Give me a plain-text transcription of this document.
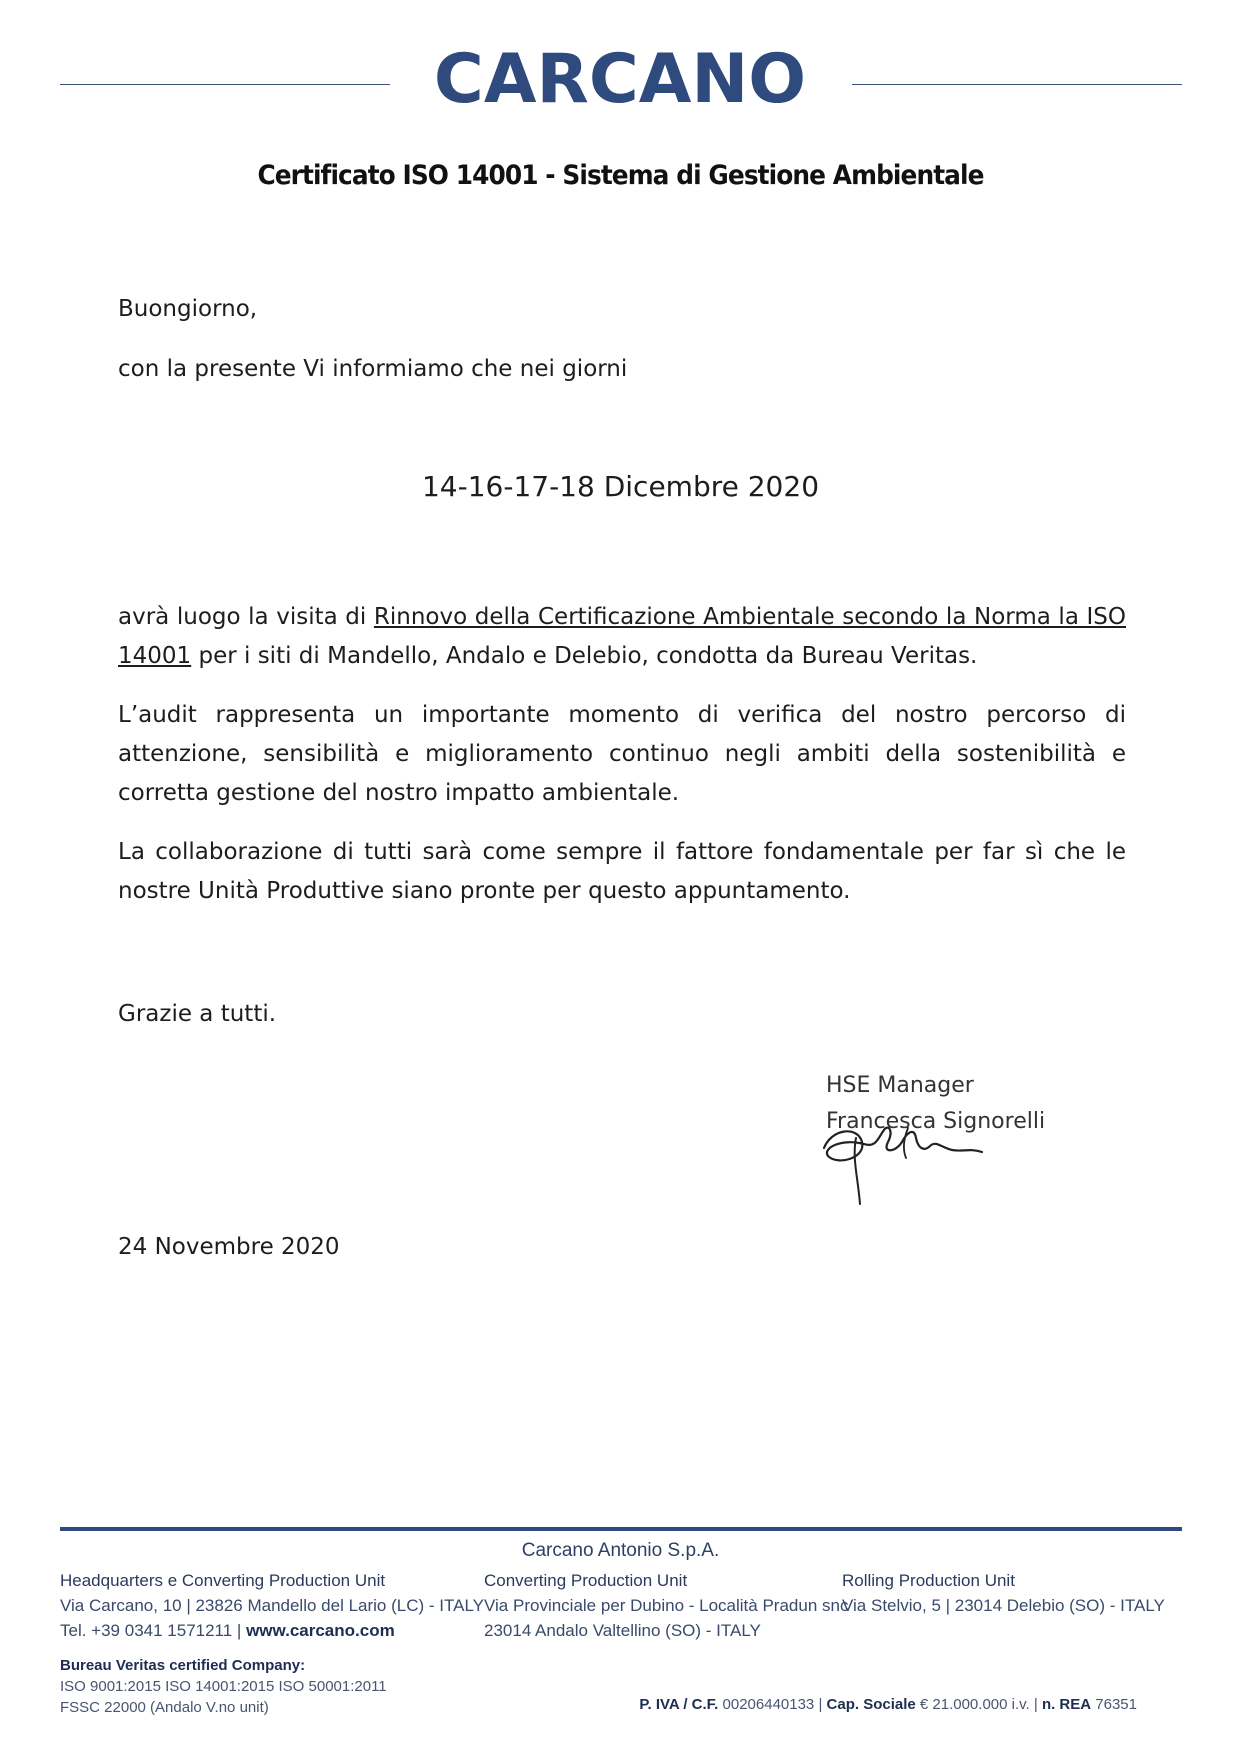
CARCANO
Certificato ISO 14001 - Sistema di Gestione Ambientale
Buongiorno,
con la presente Vi informiamo che nei giorni
14-16-17-18 Dicembre 2020

avrà luogo la visita di Rinnovo della Certificazione Ambientale secondo la Norma la ISO 14001 per i siti di Mandello, Andalo e Delebio, condotta da Bureau Veritas.

L’audit rappresenta un importante momento di verifica del nostro percorso di attenzione, sensibilità e miglioramento continuo negli ambiti della sostenibilità e corretta gestione del nostro impatto ambientale.

La collaborazione di tutti sarà come sempre il fattore fondamentale per far sì che le nostre Unità Produttive siano pronte per questo appuntamento.

Grazie a tutti.
HSE Manager
Francesca Signorelli
24 Novembre 2020
Carcano Antonio S.p.A.
Headquarters e Converting Production Unit
Via Carcano, 10 | 23826 Mandello del Lario (LC) - ITALY
Tel. +39 0341 1571211 | www.carcano.com
Converting Production Unit
Via Provinciale per Dubino - Località Pradun snc
23014 Andalo Valtellino (SO) - ITALY
Rolling Production Unit
Via Stelvio, 5 | 23014 Delebio (SO) - ITALY
Bureau Veritas certified Company:
ISO 9001:2015 ISO 14001:2015 ISO 50001:2011
FSSC 22000 (Andalo V.no unit)	P. IVA / C.F. 00206440133 | Cap. Sociale € 21.000.000 i.v. | n. REA 76351
